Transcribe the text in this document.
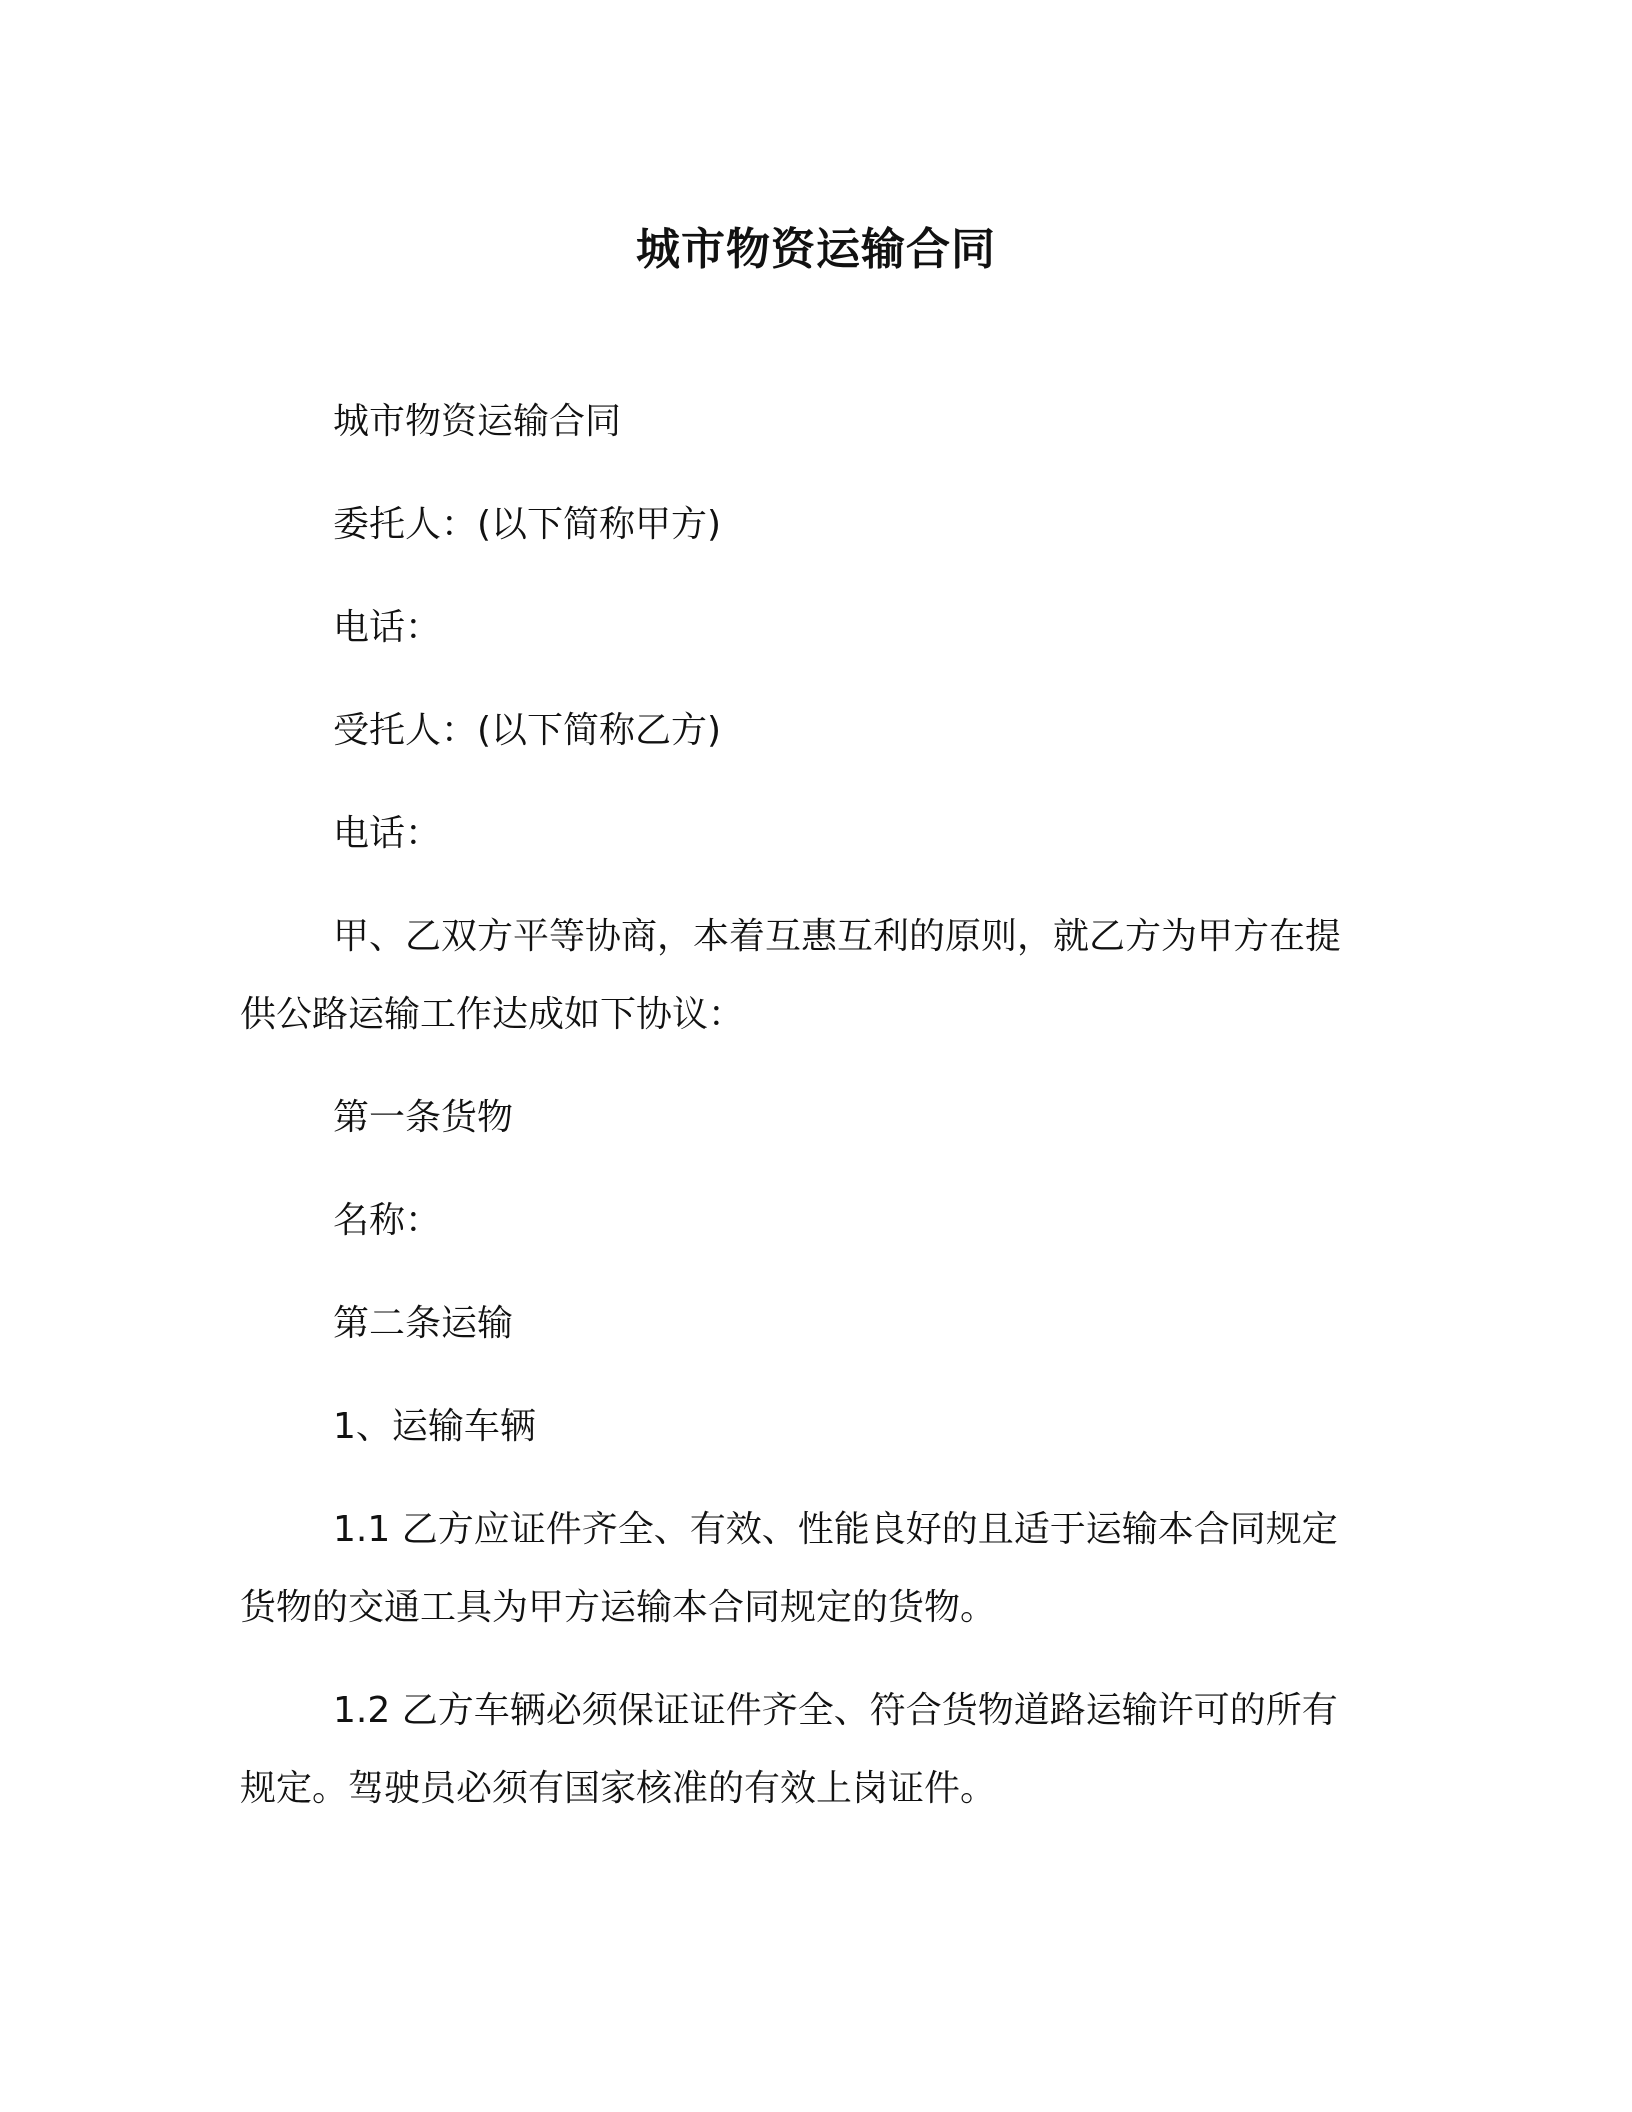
城市物资运输合同

城市物资运输合同

委托人：(以下简称甲方)

电话：

受托人：(以下简称乙方)

电话：

甲、乙双方平等协商，本着互惠互利的原则，就乙方为甲方在提

供公路运输工作达成如下协议：

第一条货物

名称：

第二条运输

1、运输车辆

1.1 乙方应证件齐全、有效、性能良好的且适于运输本合同规定

货物的交通工具为甲方运输本合同规定的货物。

1.2 乙方车辆必须保证证件齐全、符合货物道路运输许可的所有

规定。驾驶员必须有国家核准的有效上岗证件。
